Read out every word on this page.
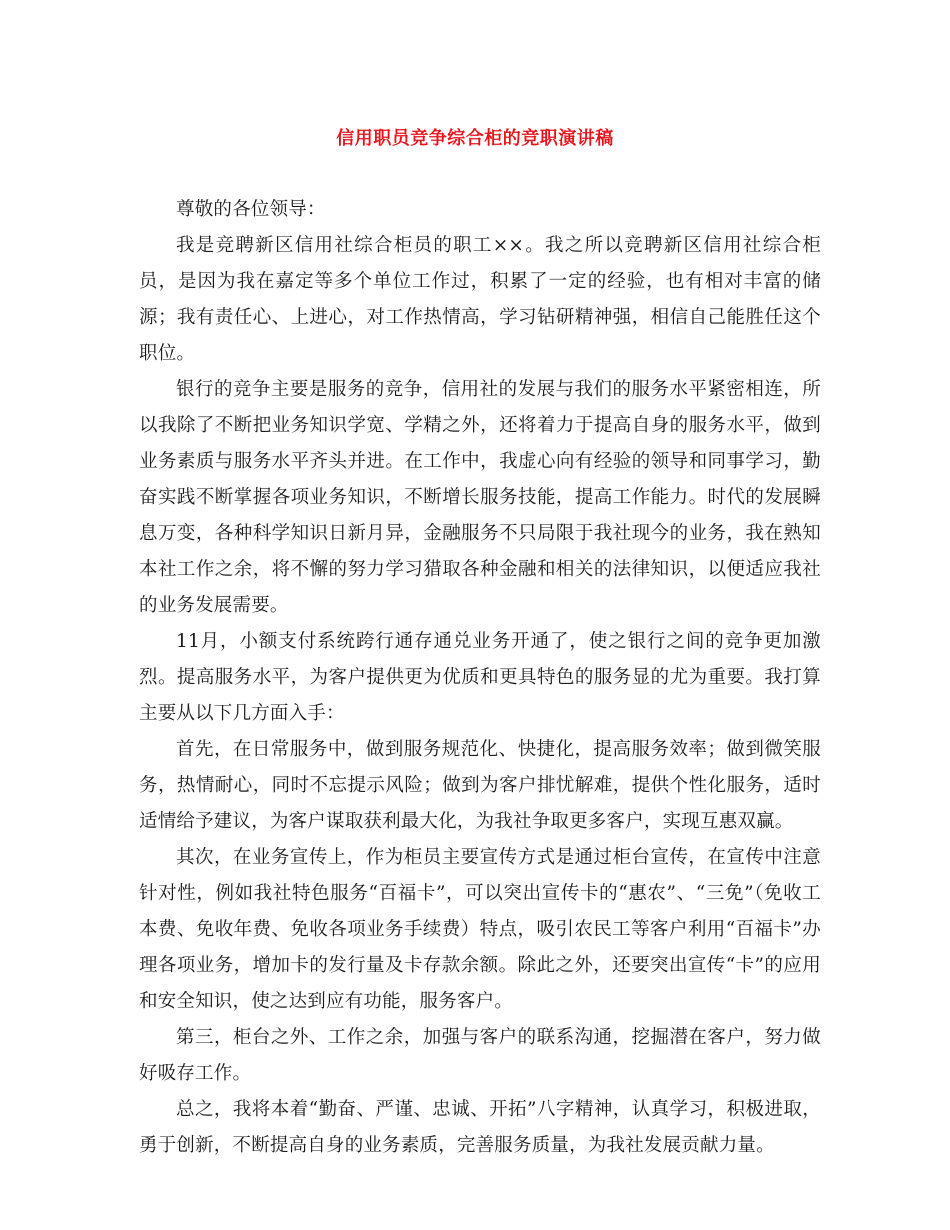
信用职员竞争综合柜的竞职演讲稿

尊敬的各位领导：

我是竞聘新区信用社综合柜员的职工××。我之所以竞聘新区信用社综合柜员，是因为我在嘉定等多个单位工作过，积累了一定的经验，也有相对丰富的储源；我有责任心、上进心，对工作热情高，学习钻研精神强，相信自己能胜任这个职位。

银行的竞争主要是服务的竞争，信用社的发展与我们的服务水平紧密相连，所以我除了不断把业务知识学宽、学精之外，还将着力于提高自身的服务水平，做到业务素质与服务水平齐头并进。在工作中，我虚心向有经验的领导和同事学习，勤奋实践不断掌握各项业务知识，不断增长服务技能，提高工作能力。时代的发展瞬息万变，各种科学知识日新月异，金融服务不只局限于我社现今的业务，我在熟知本社工作之余，将不懈的努力学习猎取各种金融和相关的法律知识，以便适应我社的业务发展需要。

11月，小额支付系统跨行通存通兑业务开通了，使之银行之间的竞争更加激烈。提高服务水平，为客户提供更为优质和更具特色的服务显的尤为重要。我打算主要从以下几方面入手：

首先，在日常服务中，做到服务规范化、快捷化，提高服务效率；做到微笑服务，热情耐心，同时不忘提示风险；做到为客户排忧解难，提供个性化服务，适时适情给予建议，为客户谋取获利最大化，为我社争取更多客户，实现互惠双赢。

其次，在业务宣传上，作为柜员主要宣传方式是通过柜台宣传，在宣传中注意针对性，例如我社特色服务“百福卡”，可以突出宣传卡的“惠农”、“三免”（免收工本费、免收年费、免收各项业务手续费）特点，吸引农民工等客户利用“百福卡”办理各项业务，增加卡的发行量及卡存款余额。除此之外，还要突出宣传“卡”的应用和安全知识，使之达到应有功能，服务客户。

第三，柜台之外、工作之余，加强与客户的联系沟通，挖掘潜在客户，努力做好吸存工作。

总之，我将本着“勤奋、严谨、忠诚、开拓”八字精神，认真学习，积极进取，勇于创新，不断提高自身的业务素质，完善服务质量，为我社发展贡献力量。
